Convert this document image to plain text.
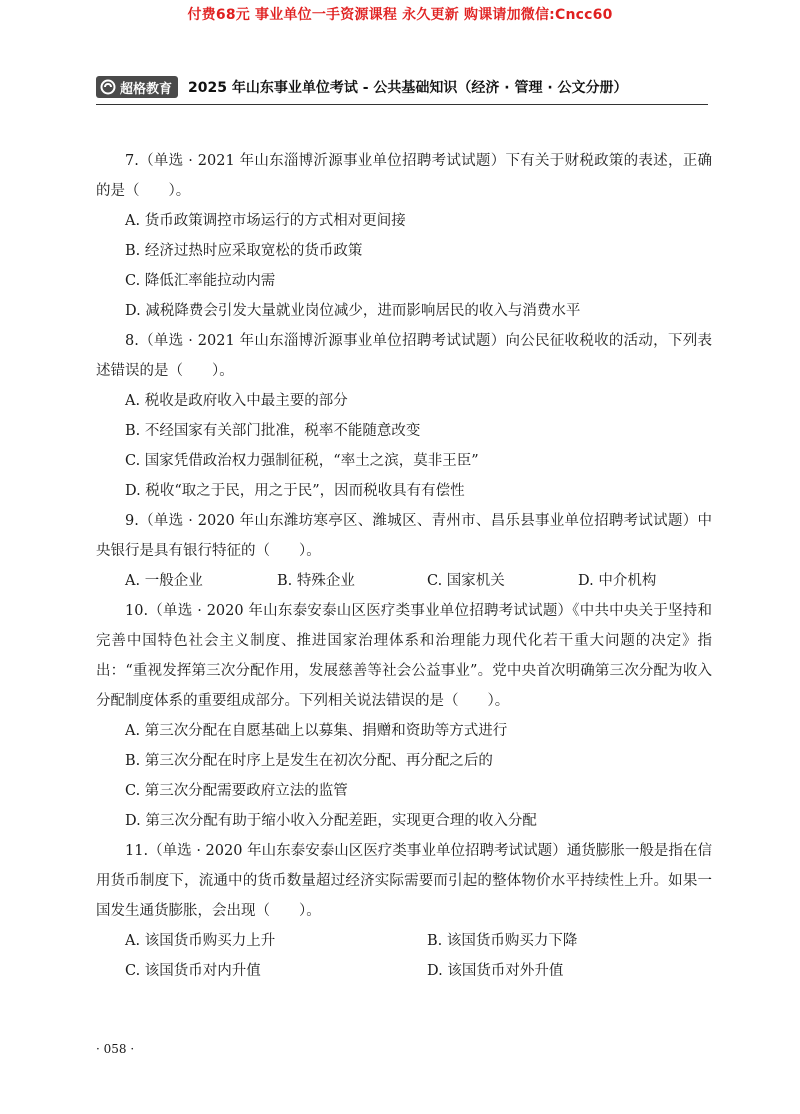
付费68元 事业单位一手资源课程 永久更新 购课请加微信:Cncc60
超格教育 2025 年山东事业单位考试 - 公共基础知识（经济 · 管理 · 公文分册）

7.（单选 · 2021 年山东淄博沂源事业单位招聘考试试题）下有关于财税政策的表述，正确的是（　　）。

A. 货币政策调控市场运行的方式相对更间接

B. 经济过热时应采取宽松的货币政策

C. 降低汇率能拉动内需

D. 减税降费会引发大量就业岗位减少，进而影响居民的收入与消费水平

8.（单选 · 2021 年山东淄博沂源事业单位招聘考试试题）向公民征收税收的活动，下列表述错误的是（　　）。

A. 税收是政府收入中最主要的部分

B. 不经国家有关部门批准，税率不能随意改变

C. 国家凭借政治权力强制征税，“率土之滨，莫非王臣”

D. 税收“取之于民，用之于民”，因而税收具有有偿性

9.（单选 · 2020 年山东潍坊寒亭区、潍城区、青州市、昌乐县事业单位招聘考试试题）中央银行是具有银行特征的（　　）。

A. 一般企业	B. 特殊企业	C. 国家机关	D. 中介机构

10.（单选 · 2020 年山东泰安泰山区医疗类事业单位招聘考试试题）《中共中央关于坚持和完善中国特色社会主义制度、推进国家治理体系和治理能力现代化若干重大问题的决定》指出：“重视发挥第三次分配作用，发展慈善等社会公益事业”。党中央首次明确第三次分配为收入分配制度体系的重要组成部分。下列相关说法错误的是（　　）。

A. 第三次分配在自愿基础上以募集、捐赠和资助等方式进行

B. 第三次分配在时序上是发生在初次分配、再分配之后的

C. 第三次分配需要政府立法的监管

D. 第三次分配有助于缩小收入分配差距，实现更合理的收入分配

11.（单选 · 2020 年山东泰安泰山区医疗类事业单位招聘考试试题）通货膨胀一般是指在信用货币制度下，流通中的货币数量超过经济实际需要而引起的整体物价水平持续性上升。如果一国发生通货膨胀，会出现（　　）。

A. 该国货币购买力上升	B. 该国货币购买力下降
C. 该国货币对内升值	D. 该国货币对外升值
· 058 ·
